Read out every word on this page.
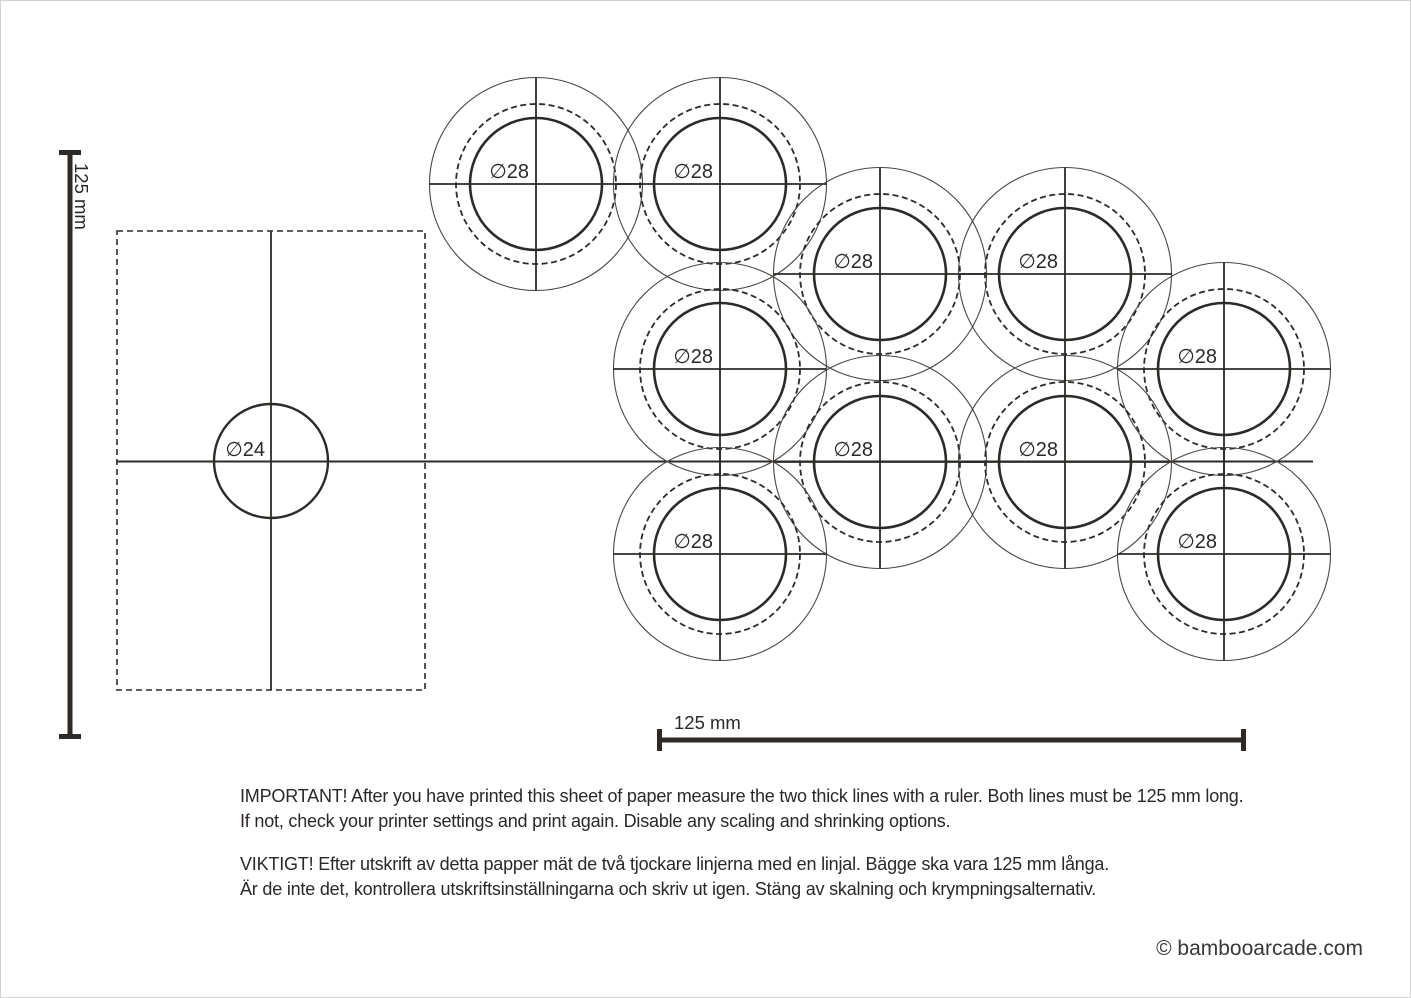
∅28	∅28
∅28	∅28
∅28	∅28
∅28	∅28
∅28	∅28
∅24
125 mm
125 mm
IMPORTANT! After you have printed this sheet of paper measure the two thick lines with a ruler. Both lines must be 125 mm long.
If not, check your printer settings and print again. Disable any scaling and shrinking options.
VIKTIGT! Efter utskrift av detta papper mät de två tjockare linjerna med en linjal. Bägge ska vara 125 mm långa.
Är de inte det, kontrollera utskriftsinställningarna och skriv ut igen. Stäng av skalning och krympningsalternativ.
© bambooarcade.com
